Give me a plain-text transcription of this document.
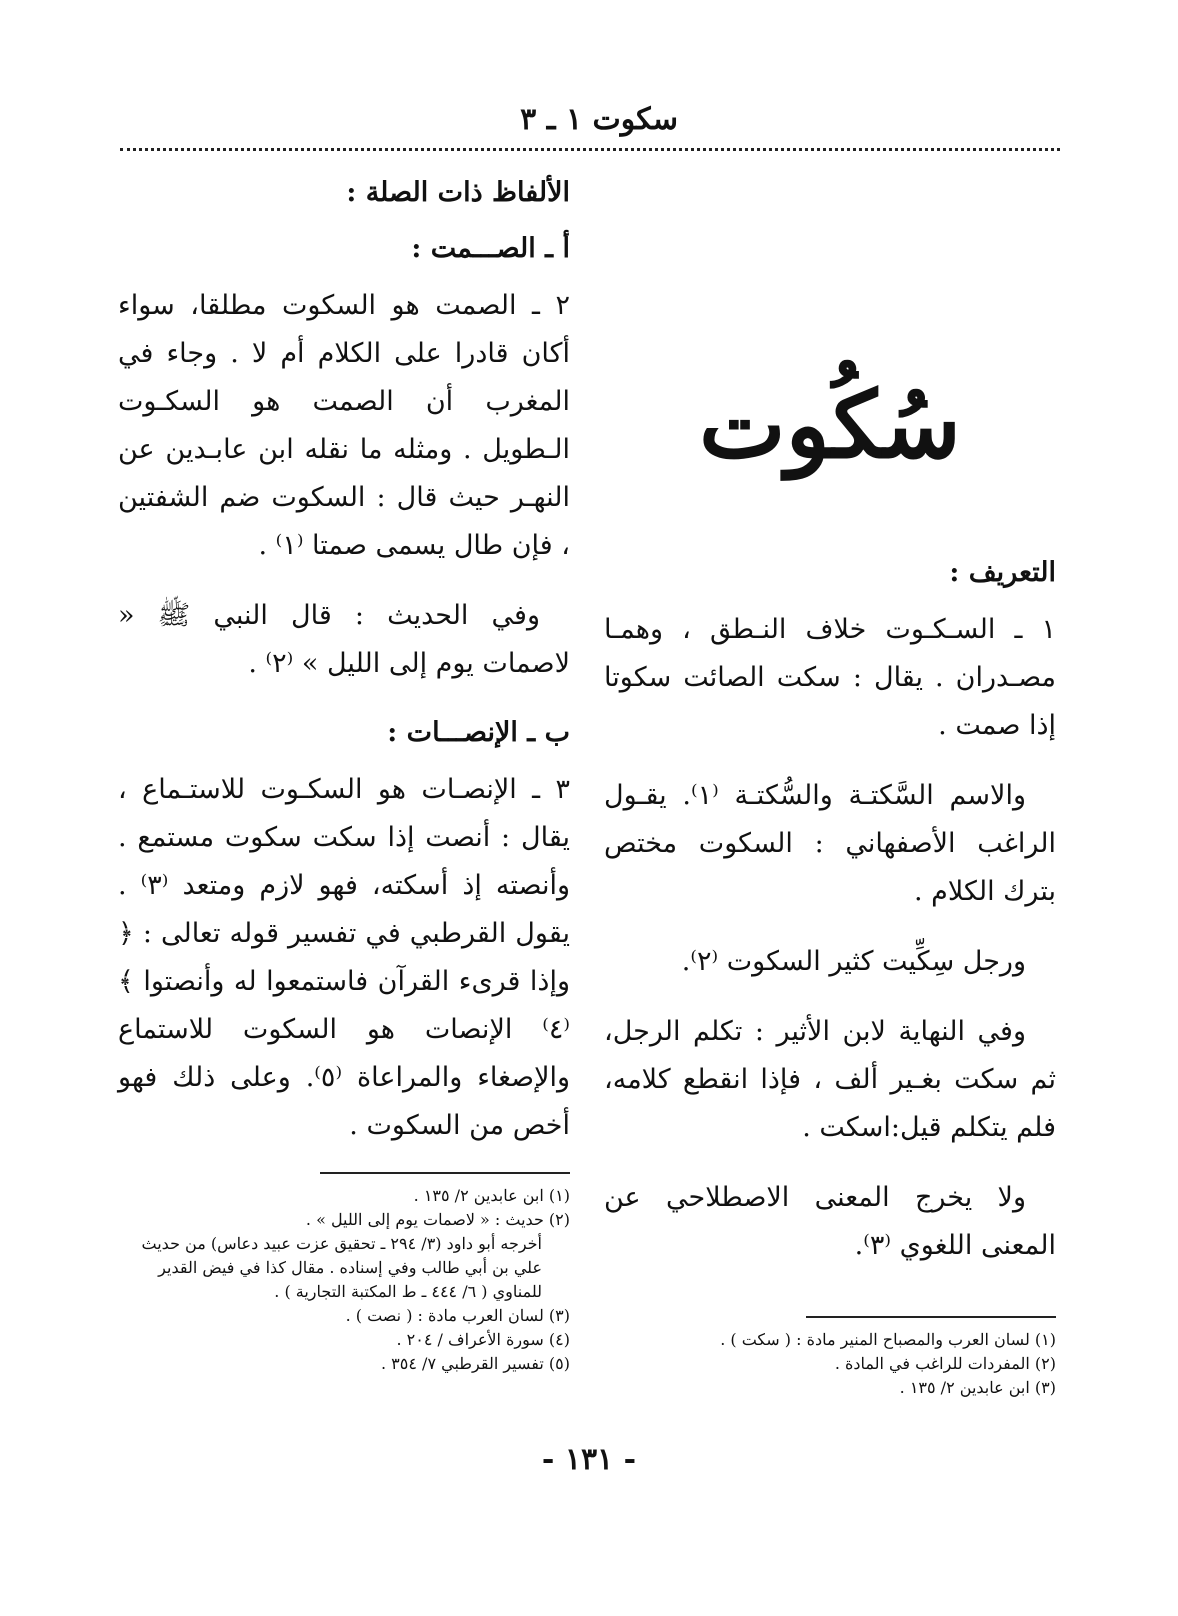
سكوت ١ ـ ٣
سُكُوت
التعريف :

١ ـ السـكـوت خلاف النـطق ، وهمـا مصـدران . يقال : سكت الصائت سكوتا إذا صمت .

والاسم السَّكتـة والسُّكتـة ⁽١⁾. يقـول الراغب الأصفهاني : السكوت مختص بترك الكلام .

ورجل سِكِّيت كثير السكوت ⁽٢⁾.

وفي النهاية لابن الأثير : تكلم الرجل، ثم سكت بغـير ألف ، فإذا انقطع كلامه، فلم يتكلم قيل:اسكت .

ولا يخرج المعنى الاصطلاحي عن المعنى اللغوي ⁽٣⁾.

(١) لسان العرب والمصباح المنير مادة : ( سكت ) .

(٢) المفردات للراغب في المادة .

(٣) ابن عابدين ٢/ ١٣٥ .

الألفاظ ذات الصلة :
أ ـ الصـــمت :

٢ ـ الصمت هو السكوت مطلقا، سواء أكان قادرا على الكلام أم لا . وجاء في المغرب أن الصمت هو السكـوت الـطويل . ومثله ما نقله ابن عابـدين عن النهـر حيث قال : السكوت ضم الشفتين ، فإن طال يسمى صمتا ⁽١⁾ .

وفي الحديث : قال النبي ﷺ « لاصمات يوم إلى الليل » ⁽٢⁾ .

ب ـ الإنصـــات :

٣ ـ الإنصـات هو السكـوت للاستـماع ، يقال : أنصت إذا سكت سكوت مستمع . وأنصته إذ أسكته، فهو لازم ومتعد ⁽٣⁾ . يقول القرطبي في تفسير قوله تعالى : ﴿ وإذا قرىء القرآن فاستمعوا له وأنصتوا ﴾ ⁽٤⁾ الإنصات هو السكوت للاستماع والإصغاء والمراعاة ⁽٥⁾. وعلى ذلك فهو أخص من السكوت .

(١) ابن عابدين ٢/ ١٣٥ .

(٢) حديث : « لاصمات يوم إلى الليل » .

أخرجه أبو داود (٣/ ٢٩٤ ـ تحقيق عزت عبيد دعاس) من حديث علي بن أبي طالب وفي إسناده . مقال كذا في فيض القدير للمناوي ( ٦/ ٤٤٤ ـ ط المكتبة التجارية ) .

(٣) لسان العرب مادة : ( نصت ) .

(٤) سورة الأعراف / ٢٠٤ .

(٥) تفسير القرطبي ٧/ ٣٥٤ .

- ١٣١ -
